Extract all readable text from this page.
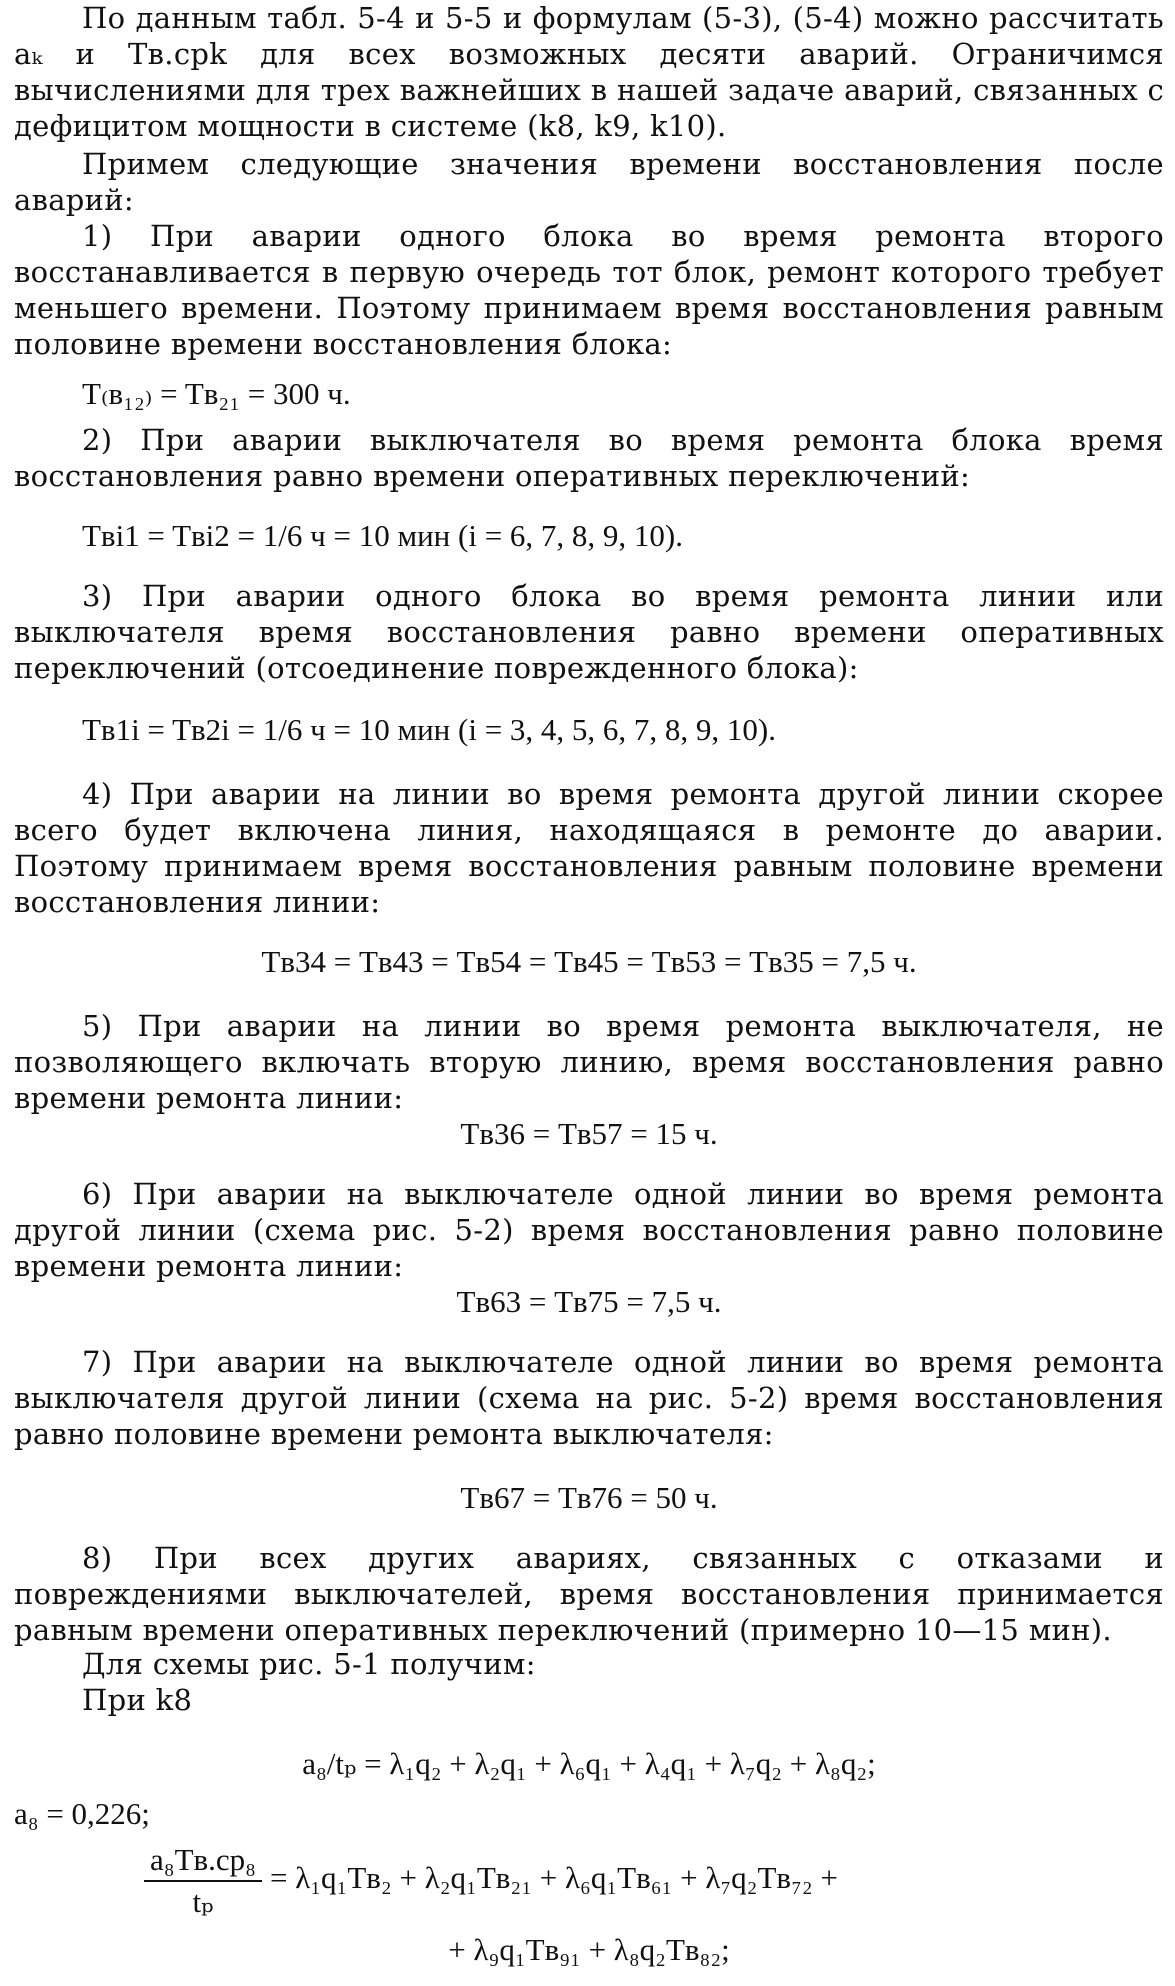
По данным табл. 5-4 и 5-5 и формулам (5-3), (5-4) можно рассчитать aₖ и Tв.срk для всех возможных десяти аварий. Ограничимся вычислениями для трех важнейших в нашей задаче аварий, связанных с дефицитом мощности в системе (k8, k9, k10).

Примем следующие значения времени восстановления после аварий:

1) При аварии одного блока во время ремонта второго восстанавливается в первую очередь тот блок, ремонт которого требует меньшего времени. Поэтому принимаем время восстановления равным половине времени восстановления блока:

T₍в₁₂₎ = Tв₂₁ = 300 ч.

2) При аварии выключателя во время ремонта блока время восстановления равно времени оперативных переключений:

Tвi1 = Tвi2 = 1/6 ч = 10 мин (i = 6, 7, 8, 9, 10).

3) При аварии одного блока во время ремонта линии или выключателя время восстановления равно времени оперативных переключений (отсоединение поврежденного блока):

Tв1i = Tв2i = 1/6 ч = 10 мин (i = 3, 4, 5, 6, 7, 8, 9, 10).

4) При аварии на линии во время ремонта другой линии скорее всего будет включена линия, находящаяся в ремонте до аварии. Поэтому принимаем время восстановления равным половине времени восстановления линии:

Tв34 = Tв43 = Tв54 = Tв45 = Tв53 = Tв35 = 7,5 ч.

5) При аварии на линии во время ремонта выключателя, не позволяющего включать вторую линию, время восстановления равно времени ремонта линии:

Tв36 = Tв57 = 15 ч.

6) При аварии на выключателе одной линии во время ремонта другой линии (схема рис. 5-2) время восстановления равно половине времени ремонта линии:

Tв63 = Tв75 = 7,5 ч.

7) При аварии на выключателе одной линии во время ремонта выключателя другой линии (схема на рис. 5-2) время восстановления равно половине времени ремонта выключателя:

Tв67 = Tв76 = 50 ч.

8) При всех других авариях, связанных с отказами и повреждениями выключателей, время восстановления принимается равным времени оперативных переключений (примерно 10—15 мин).

Для схемы рис. 5-1 получим:

При k8

a₈/tₚ = λ₁q₂ + λ₂q₁ + λ₆q₁ + λ₄q₁ + λ₇q₂ + λ₈q₂;

a₈ = 0,226;

$\frac{\text{a₈Tв.ср₈}}{\text{tₚ}} = \lambda_1q_1Tв_2 + \lambda_2q_1Tв_{21} + \lambda_6q_1Tв_{61} + \lambda_7q_2Tв_{72}$ +

+ λ₉q₁Tв₉₁ + λ₈q₂Tв₈₂;
